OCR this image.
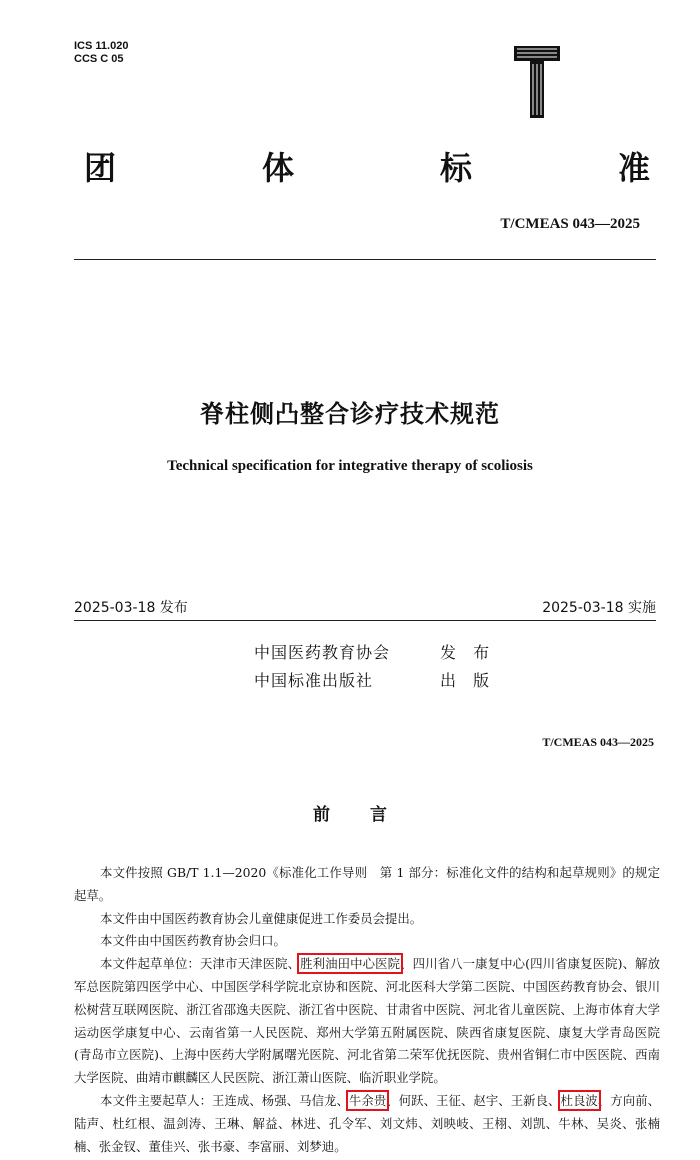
ICS 11.020
CCS C 05
团	体	标	准
T/CMEAS 043—2025
脊柱侧凸整合诊疗技术规范
Technical specification for integrative therapy of scoliosis
2025-03-18 发布	2025-03-18 实施
中国医药教育协会	发 布
中国标准出版社	出 版
T/CMEAS 043—2025
前言

本文件按照 GB/T 1.1—2020《标准化工作导则　第 1 部分：标准化文件的结构和起草规则》的规定起草。

本文件由中国医药教育协会儿童健康促进工作委员会提出。

本文件由中国医药教育协会归口。

本文件起草单位：天津市天津医院、胜利油田中心医院、四川省八一康复中心(四川省康复医院)、解放军总医院第四医学中心、中国医学科学院北京协和医院、河北医科大学第二医院、中国医药教育协会、银川松树营互联网医院、浙江省邵逸夫医院、浙江省中医院、甘肃省中医院、河北省儿童医院、上海市体育大学运动医学康复中心、云南省第一人民医院、郑州大学第五附属医院、陕西省康复医院、康复大学青岛医院(青岛市立医院)、上海中医药大学附属曙光医院、河北省第二荣军优抚医院、贵州省铜仁市中医医院、西南大学医院、曲靖市麒麟区人民医院、浙江萧山医院、临沂职业学院。

本文件主要起草人：王连成、杨强、马信龙、牛余贵、何跃、王征、赵宇、王新良、杜良波、方向前、陆声、杜红根、温剑涛、王琳、解益、林进、孔令军、刘文炜、刘映岐、王栩、刘凯、牛林、吴炎、张楠楠、张金钗、董佳兴、张书豪、李富丽、刘梦迪。
